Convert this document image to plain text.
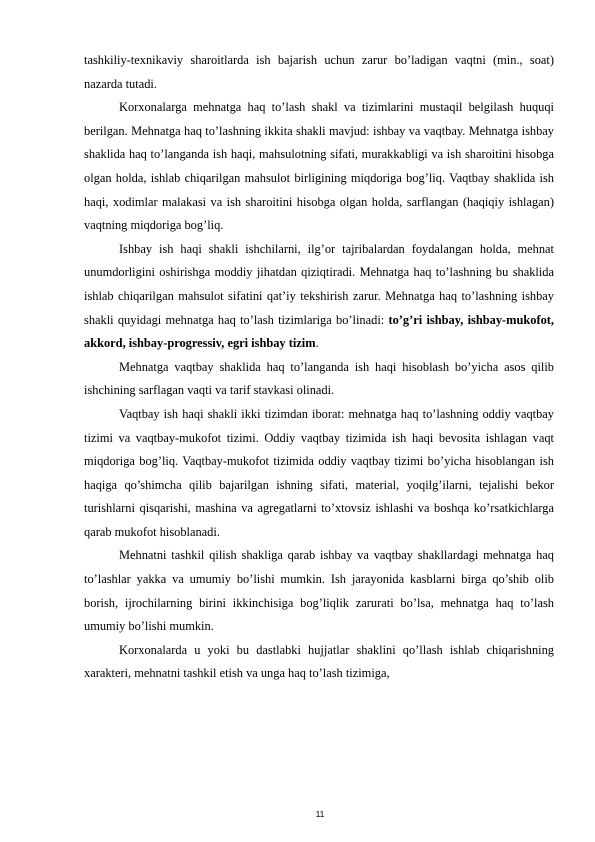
tashkiliy-texnikaviy sharoitlarda ish bajarish uchun zarur bo’ladigan vaqtni (min., soat) nazarda tutadi.

Korxonalarga mehnatga haq to’lash shakl va tizimlarini mustaqil belgilash huquqi berilgan. Mehnatga haq to’lashning ikkita shakli mavjud: ishbay va vaqtbay. Mehnatga ishbay shaklida haq to’langanda ish haqi, mahsulotning sifati, murakkabligi va ish sharoitini hisobga olgan holda, ishlab chiqarilgan mahsulot birligining miqdoriga bog’liq. Vaqtbay shaklida ish haqi, xodimlar malakasi va ish sharoitini hisobga olgan holda, sarflangan (haqiqiy ishlagan) vaqtning miqdoriga bog’liq.

Ishbay ish haqi shakli ishchilarni, ilg’or tajribalardan foydalangan holda, mehnat unumdorligini oshirishga moddiy jihatdan qiziqtiradi. Mehnatga haq to’lashning bu shaklida ishlab chiqarilgan mahsulot sifatini qat’iy tekshirish zarur. Mehnatga haq to’lashning ishbay shakli quyidagi mehnatga haq to’lash tizimlariga bo’linadi: to’g’ri ishbay, ishbay-mukofot, akkord, ishbay-progressiv, egri ishbay tizim.

Mehnatga vaqtbay shaklida haq to’langanda ish haqi hisoblash bo’yicha asos qilib ishchining sarflagan vaqti va tarif stavkasi olinadi.

Vaqtbay ish haqi shakli ikki tizimdan iborat: mehnatga haq to’lashning oddiy vaqtbay tizimi va vaqtbay-mukofot tizimi. Oddiy vaqtbay tizimida ish haqi bevosita ishlagan vaqt miqdoriga bog’liq. Vaqtbay-mukofot tizimida oddiy vaqtbay tizimi bo’yicha hisoblangan ish haqiga qo’shimcha qilib bajarilgan ishning sifati, material, yoqilg’ilarni, tejalishi bekor turishlarni qisqarishi, mashina va agregatlarni to’xtovsiz ishlashi va boshqa ko’rsatkichlarga qarab mukofot hisoblanadi.

Mehnatni tashkil qilish shakliga qarab ishbay va vaqtbay shakllardagi mehnatga haq to’lashlar yakka va umumiy bo’lishi mumkin. Ish jarayonida kasblarni birga qo’shib olib borish, ijrochilarning birini ikkinchisiga bog’liqlik zarurati bo’lsa, mehnatga haq to’lash umumiy bo’lishi mumkin.

Korxonalarda u yoki bu dastlabki hujjatlar shaklini qo’llash ishlab chiqarishning xarakteri, mehnatni tashkil etish va unga haq to’lash tizimiga,

11
